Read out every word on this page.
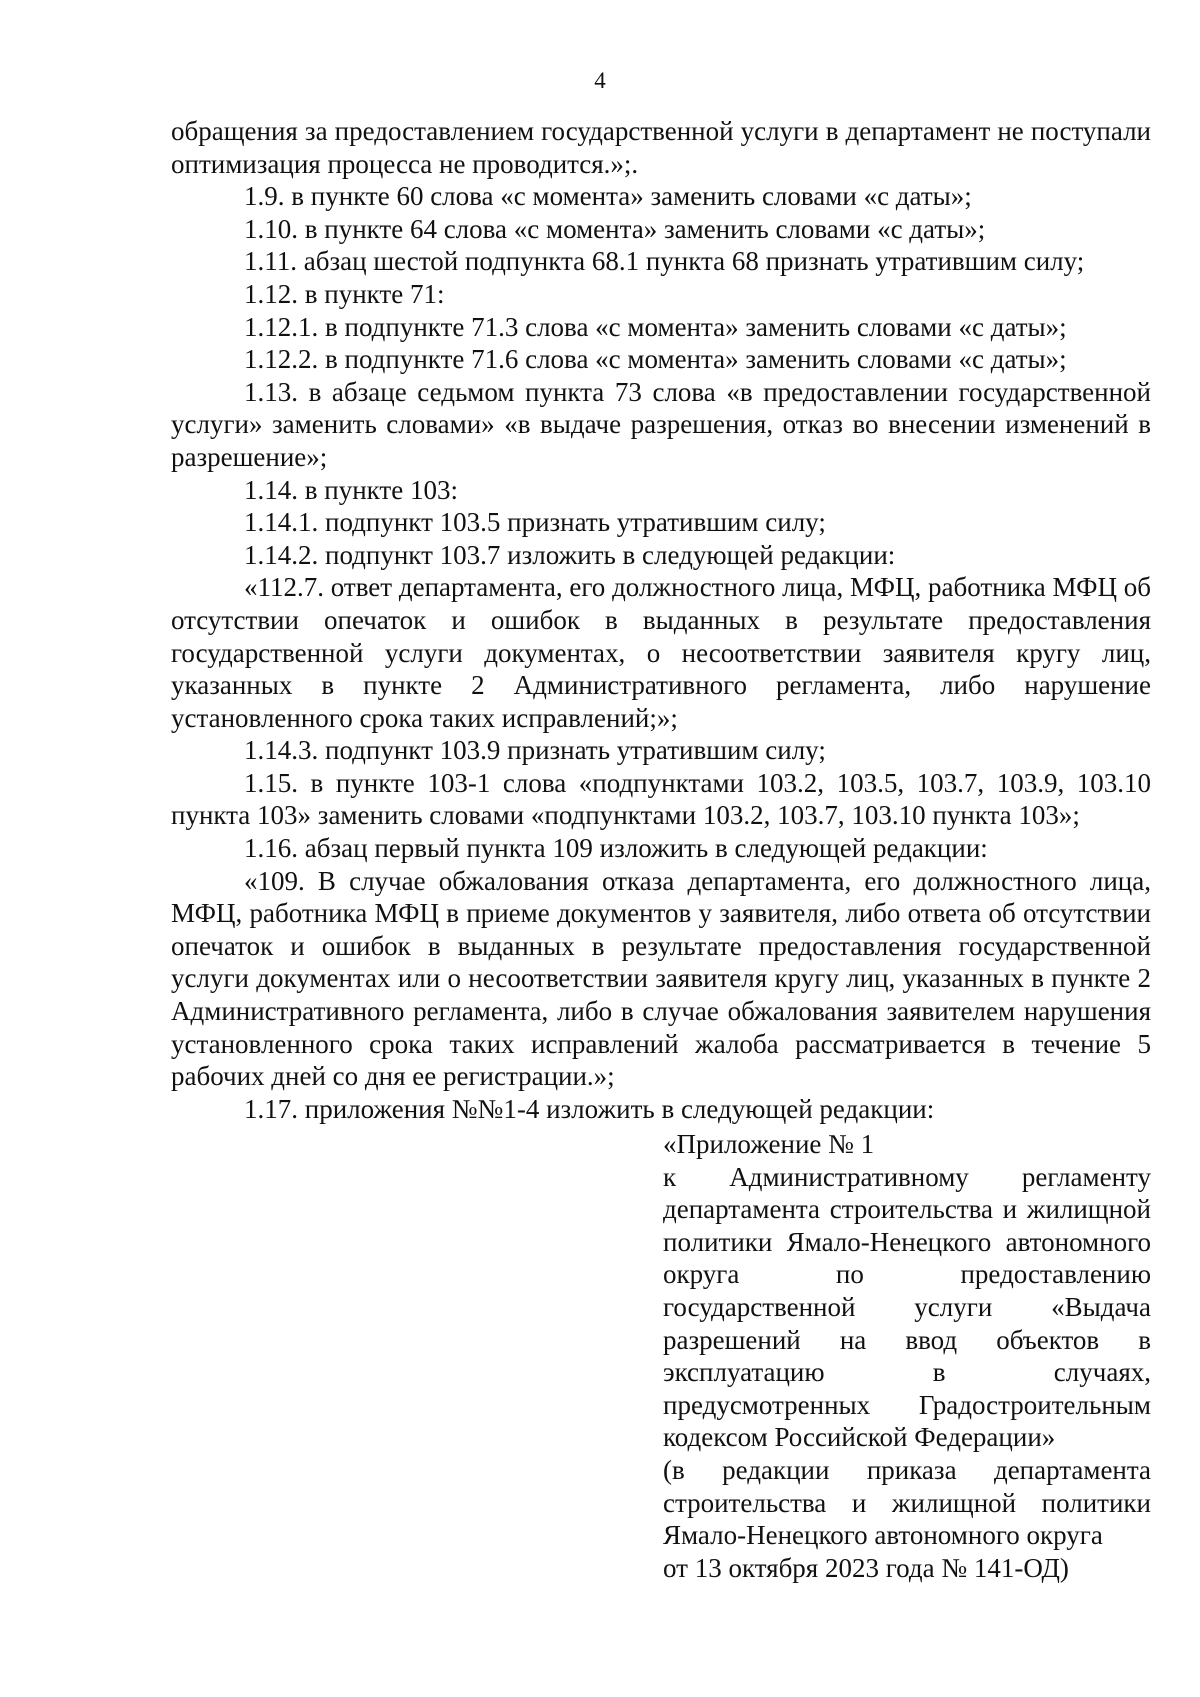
4

обращения за предоставлением государственной услуги в департамент не поступали оптимизация процесса не проводится.»;.

1.9. в пункте 60 слова «с момента» заменить словами «с даты»;

1.10. в пункте 64 слова «с момента» заменить словами «с даты»;

1.11. абзац шестой подпункта 68.1 пункта 68 признать утратившим силу;

1.12. в пункте 71:

1.12.1. в подпункте 71.3 слова «с момента» заменить словами «с даты»;

1.12.2. в подпункте 71.6 слова «с момента» заменить словами «с даты»;

1.13. в абзаце седьмом пункта 73 слова «в предоставлении государственной услуги» заменить словами» «в выдаче разрешения, отказ во внесении изменений в разрешение»;

1.14. в пункте 103:

1.14.1. подпункт 103.5 признать утратившим силу;

1.14.2. подпункт 103.7 изложить в следующей редакции:

«112.7. ответ департамента, его должностного лица, МФЦ, работника МФЦ об отсутствии опечаток и ошибок в выданных в результате предоставления государственной услуги документах, о несоответствии заявителя кругу лиц, указанных в пункте 2 Административного регламента, либо нарушение установленного срока таких исправлений;»;

1.14.3. подпункт 103.9 признать утратившим силу;

1.15. в пункте 103-1 слова «подпунктами 103.2, 103.5, 103.7, 103.9, 103.10 пункта 103» заменить словами «подпунктами 103.2, 103.7, 103.10 пункта 103»;

1.16. абзац первый пункта 109 изложить в следующей редакции:

«109. В случае обжалования отказа департамента, его должностного лица, МФЦ, работника МФЦ в приеме документов у заявителя, либо ответа об отсутствии опечаток и ошибок в выданных в результате предоставления государственной услуги документах или о несоответствии заявителя кругу лиц, указанных в пункте 2 Административного регламента, либо в случае обжалования заявителем нарушения установленного срока таких исправлений жалоба рассматривается в течение 5 рабочих дней со дня ее регистрации.»;

1.17. приложения №№1-4 изложить в следующей редакции:

«Приложение № 1

к Административному регламенту департамента строительства и жилищной политики Ямало-Ненецкого автономного округа по предоставлению государственной услуги «Выдача разрешений на ввод объектов в эксплуатацию в случаях, предусмотренных Градостроительным кодексом Российской Федерации»

(в редакции приказа департамента строительства и жилищной политики Ямало-Ненецкого автономного округа

от 13 октября 2023 года № 141-ОД)
